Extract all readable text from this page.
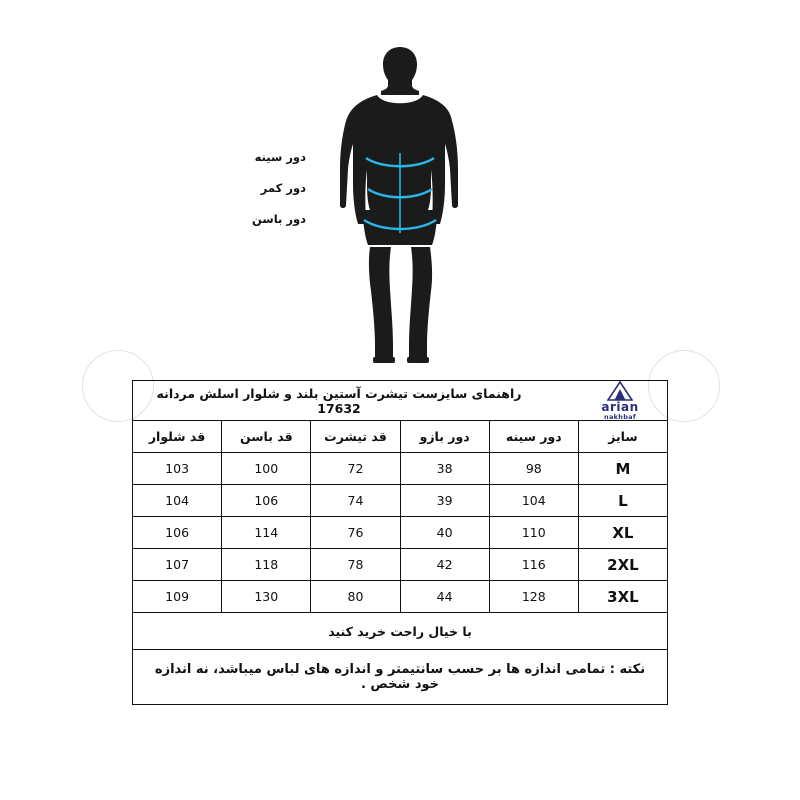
دور سینه
دور کمر
دور باسن
arian
nakhbaf
راهنمای سایزست تیشرت آستین بلند و شلوار اسلش مردانه 17632					

سایز	دور سینه	دور بازو	قد تیشرت	قد باسن	قد شلوار
M	98	38	72	100	103
L	104	39	74	106	104
XL	110	40	76	114	106
2XL	116	42	78	118	107
3XL	128	44	80	130	109
با خیال راحت خرید کنید					
نکته : تمامی اندازه ها بر حسب سانتیمتر و اندازه های لباس میباشد، نه اندازه خود شخص .					
